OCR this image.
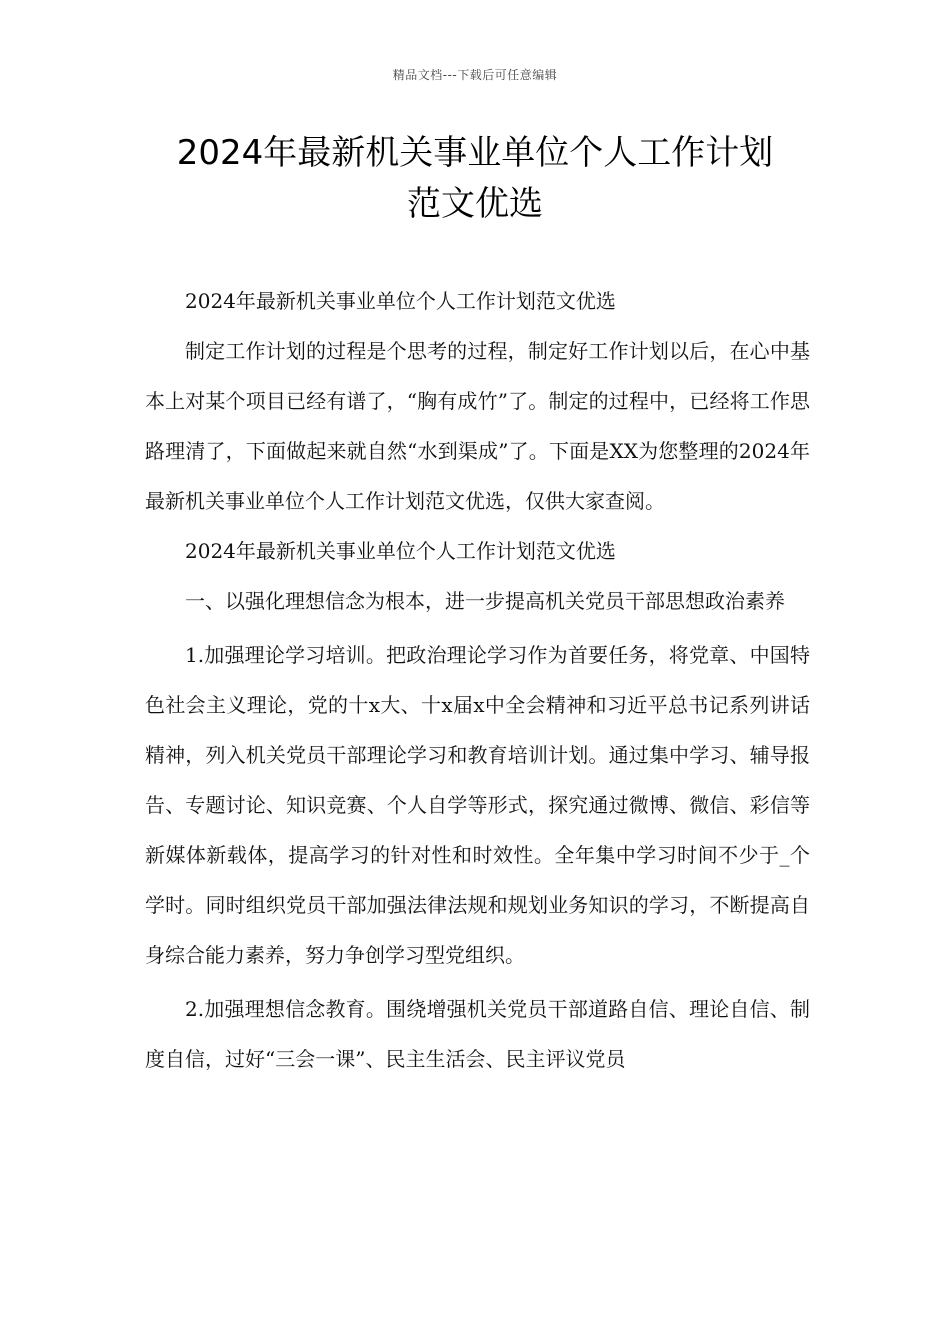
精品文档---下载后可任意编辑
2024年最新机关事业单位个人工作计划
范文优选

2024年最新机关事业单位个人工作计划范文优选

制定工作计划的过程是个思考的过程，制定好工作计划以后，在心中基本上对某个项目已经有谱了，“胸有成竹”了。制定的过程中，已经将工作思路理清了，下面做起来就自然“水到渠成”了。下面是XX为您整理的2024年最新机关事业单位个人工作计划范文优选，仅供大家查阅。

2024年最新机关事业单位个人工作计划范文优选

一、以强化理想信念为根本，进一步提高机关党员干部思想政治素养

1.加强理论学习培训。把政治理论学习作为首要任务，将党章、中国特色社会主义理论，党的十x大、十x届x中全会精神和习近平总书记系列讲话精神，列入机关党员干部理论学习和教育培训计划。通过集中学习、辅导报告、专题讨论、知识竞赛、个人自学等形式，探究通过微博、微信、彩信等新媒体新载体，提高学习的针对性和时效性。全年集中学习时间不少于_个学时。同时组织党员干部加强法律法规和规划业务知识的学习，不断提高自身综合能力素养，努力争创学习型党组织。

2.加强理想信念教育。围绕增强机关党员干部道路自信、理论自信、制度自信，过好“三会一课”、民主生活会、民主评议党员
